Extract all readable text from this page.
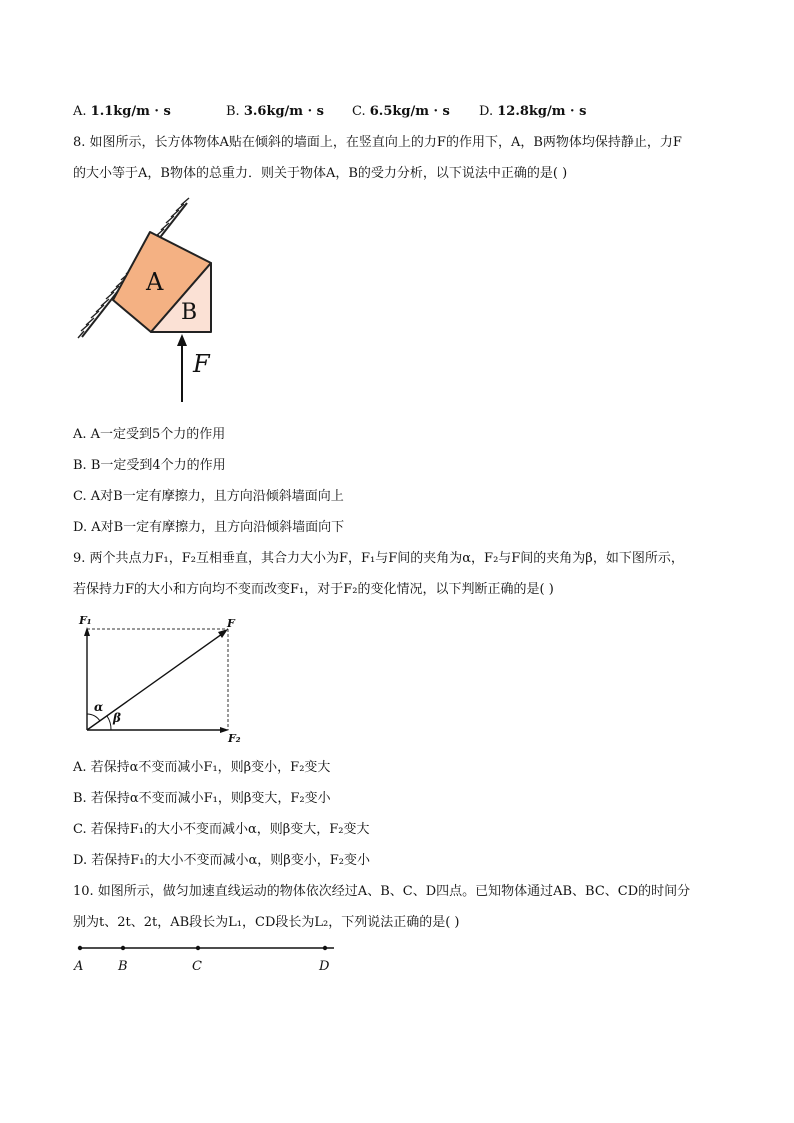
A. 1.1kg/m · s	B. 3.6kg/m · s C. 6.5kg/m · s D. 12.8kg/m · s
8. 如图所示，长方体物体A贴在倾斜的墙面上，在竖直向上的力F的作用下，A，B两物体均保持静止，力F
的大小等于A，B物体的总重力．则关于物体A，B的受力分析，以下说法中正确的是( )
A
B
F
A. A一定受到5个力的作用
B. B一定受到4个力的作用
C. A对B一定有摩擦力，且方向沿倾斜墙面向上
D. A对B一定有摩擦力，且方向沿倾斜墙面向下
9. 两个共点力F₁，F₂互相垂直，其合力大小为F，F₁与F间的夹角为α，F₂与F间的夹角为β，如下图所示，
若保持力F的大小和方向均不变而改变F₁，对于F₂的变化情况，以下判断正确的是( )
F₁	F
F₂
α
β
A. 若保持α不变而减小F₁，则β变小，F₂变大
B. 若保持α不变而减小F₁，则β变大，F₂变小
C. 若保持F₁的大小不变而减小α，则β变大，F₂变大
D. 若保持F₁的大小不变而减小α，则β变小，F₂变小
10. 如图所示，做匀加速直线运动的物体依次经过A、B、C、D四点。已知物体通过AB、BC、CD的时间分
别为t、2t、2t，AB段长为L₁，CD段长为L₂，下列说法正确的是( )
A	B	C	D
